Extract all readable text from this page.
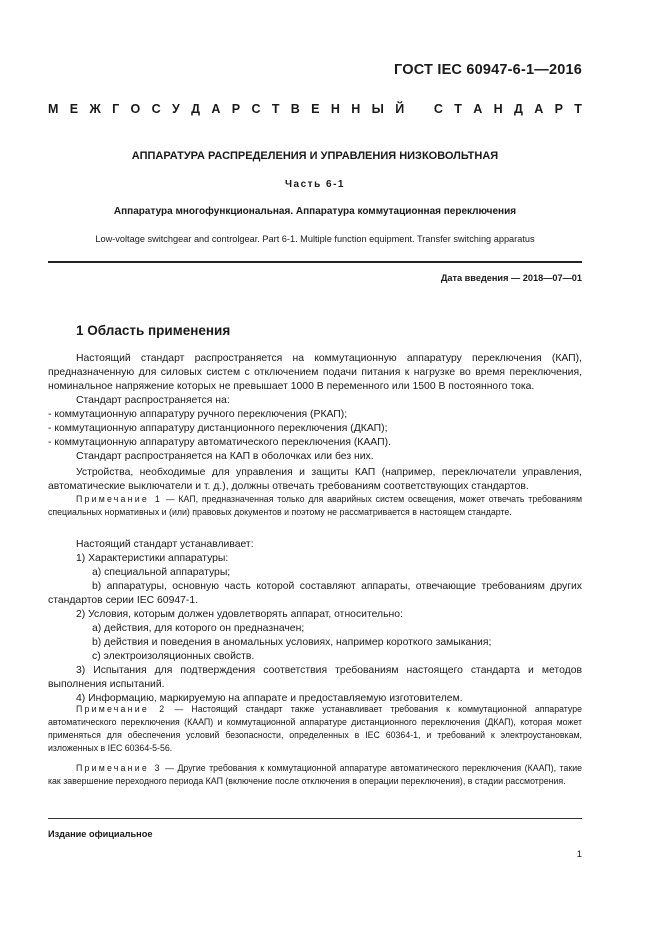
ГОСТ IEC 60947-6-1—2016
М Е Ж Г О С У Д А Р С Т В Е Н Н Ы Й
С Т А Н Д А Р Т
АППАРАТУРА РАСПРЕДЕЛЕНИЯ И УПРАВЛЕНИЯ НИЗКОВОЛЬТНАЯ
Часть 6-1
Аппаратура многофункциональная. Аппаратура коммутационная переключения
Low-voltage switchgear and controlgear. Part 6-1. Multiple function equipment. Transfer switching apparatus
Дата введения — 2018—07—01
1 Область применения

Настоящий стандарт распространяется на коммутационную аппаратуру переключения (КАП), предназначенную для силовых систем с отключением подачи питания к нагрузке во время переключения, номинальное напряжение которых не превышает 1000 В переменного или 1500 В постоянного тока.

Стандарт распространяется на:

- коммутационную аппаратуру ручного переключения (РКАП);

- коммутационную аппаратуру дистанционного переключения (ДКАП);

- коммутационную аппаратуру автоматического переключения (КААП).

Стандарт распространяется на КАП в оболочках или без них.

Устройства, необходимые для управления и защиты КАП (например, переключатели управления, автоматические выключатели и т. д.), должны отвечать требованиям соответствующих стандартов.

Примечание 1 — КАП, предназначенная только для аварийных систем освещения, может отвечать требованиям специальных нормативных и (или) правовых документов и поэтому не рассматривается в настоящем стандарте.

Настоящий стандарт устанавливает:

1) Характеристики аппаратуры:

а) специальной аппаратуры;

b) аппаратуры, основную часть которой составляют аппараты, отвечающие требованиям других стандартов серии IEC 60947-1.

2) Условия, которым должен удовлетворять аппарат, относительно:

а) действия, для которого он предназначен;

b) действия и поведения в аномальных условиях, например короткого замыкания;

с) электроизоляционных свойств.

3) Испытания для подтверждения соответствия требованиям настоящего стандарта и методов выполнения испытаний.

4) Информацию, маркируемую на аппарате и предоставляемую изготовителем.

Примечание 2 — Настоящий стандарт также устанавливает требования к коммутационной аппаратуре автоматического переключения (КААП) и коммутационной аппаратуре дистанционного переключения (ДКАП), которая может применяться для обеспечения условий безопасности, определенных в IEC 60364-1, и требований к электроустановкам, изложенных в IEC 60364-5-56.

Примечание 3 — Другие требования к коммутационной аппаратуре автоматического переключения (КААП), такие как завершение переходного периода КАП (включение после отключения в операции переключения), в стадии рассмотрения.

Издание официальное
1
